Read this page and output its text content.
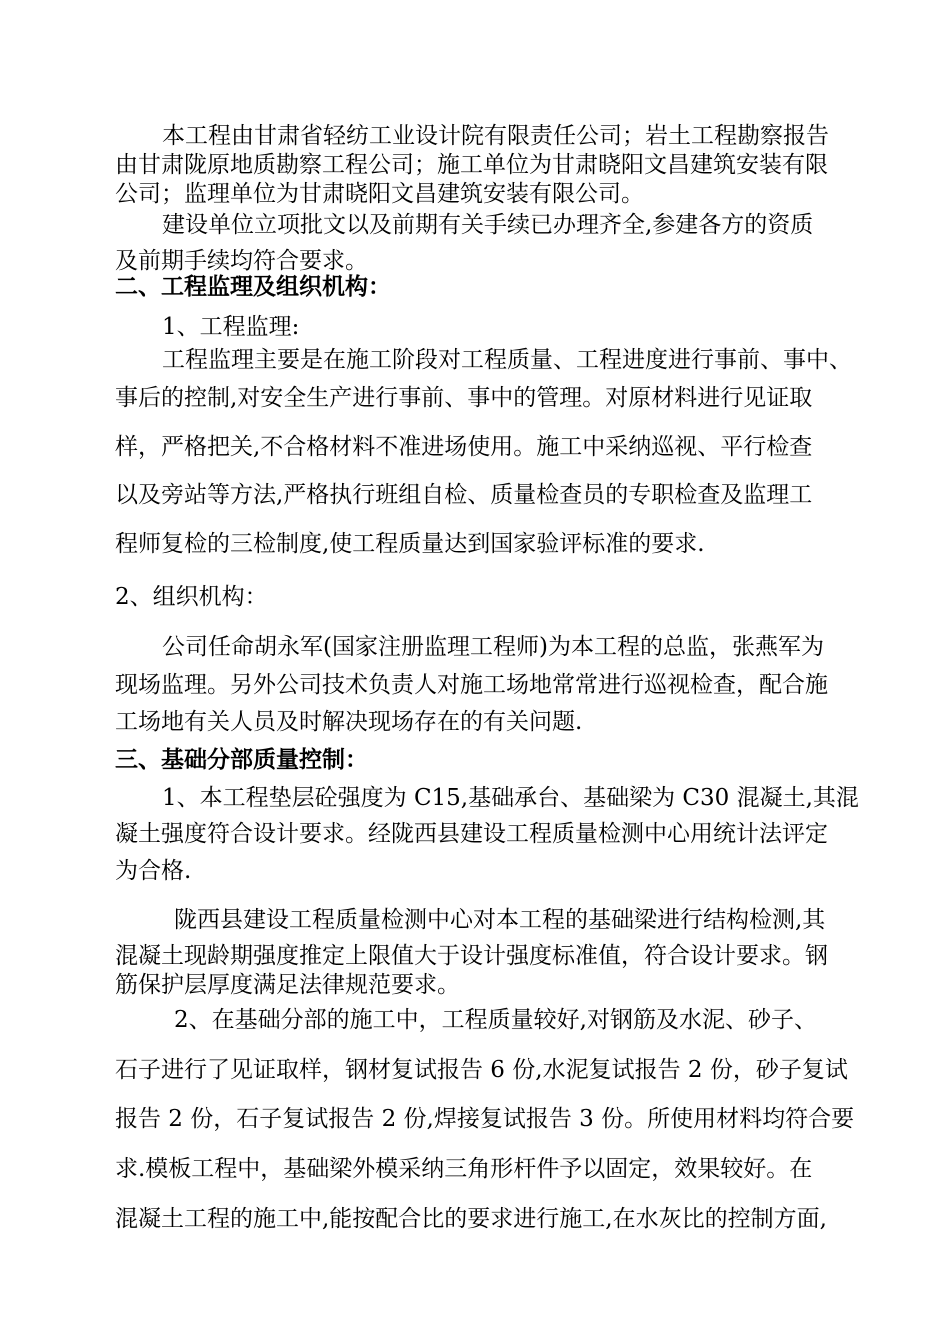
本工程由甘肃省轻纺工业设计院有限责任公司；岩土工程勘察报告
由甘肃陇原地质勘察工程公司；施工单位为甘肃晓阳文昌建筑安装有限
公司；监理单位为甘肃晓阳文昌建筑安装有限公司。
建设单位立项批文以及前期有关手续已办理齐全,参建各方的资质
及前期手续均符合要求。
二、工程监理及组织机构：
1、工程监理:
工程监理主要是在施工阶段对工程质量、工程进度进行事前、事中、
事后的控制,对安全生产进行事前、事中的管理。对原材料进行见证取
样，严格把关,不合格材料不准进场使用。施工中采纳巡视、平行检查
以及旁站等方法,严格执行班组自检、质量检查员的专职检查及监理工
程师复检的三检制度,使工程质量达到国家验评标准的要求.
2、组织机构：
公司任命胡永军(国家注册监理工程师)为本工程的总监，张燕军为
现场监理。另外公司技术负责人对施工场地常常进行巡视检查，配合施
工场地有关人员及时解决现场存在的有关问题.
三、基础分部质量控制：
1、本工程垫层砼强度为 C15,基础承台、基础梁为 C30 混凝土,其混
凝土强度符合设计要求。经陇西县建设工程质量检测中心用统计法评定
为合格.
陇西县建设工程质量检测中心对本工程的基础梁进行结构检测,其
混凝土现龄期强度推定上限值大于设计强度标准值，符合设计要求。钢
筋保护层厚度满足法律规范要求。
2、在基础分部的施工中，工程质量较好,对钢筋及水泥、砂子、
石子进行了见证取样，钢材复试报告 6 份,水泥复试报告 2 份，砂子复试
报告 2 份，石子复试报告 2 份,焊接复试报告 3 份。所使用材料均符合要
求.模板工程中，基础梁外模采纳三角形杆件予以固定，效果较好。在
混凝土工程的施工中,能按配合比的要求进行施工,在水灰比的控制方面,
